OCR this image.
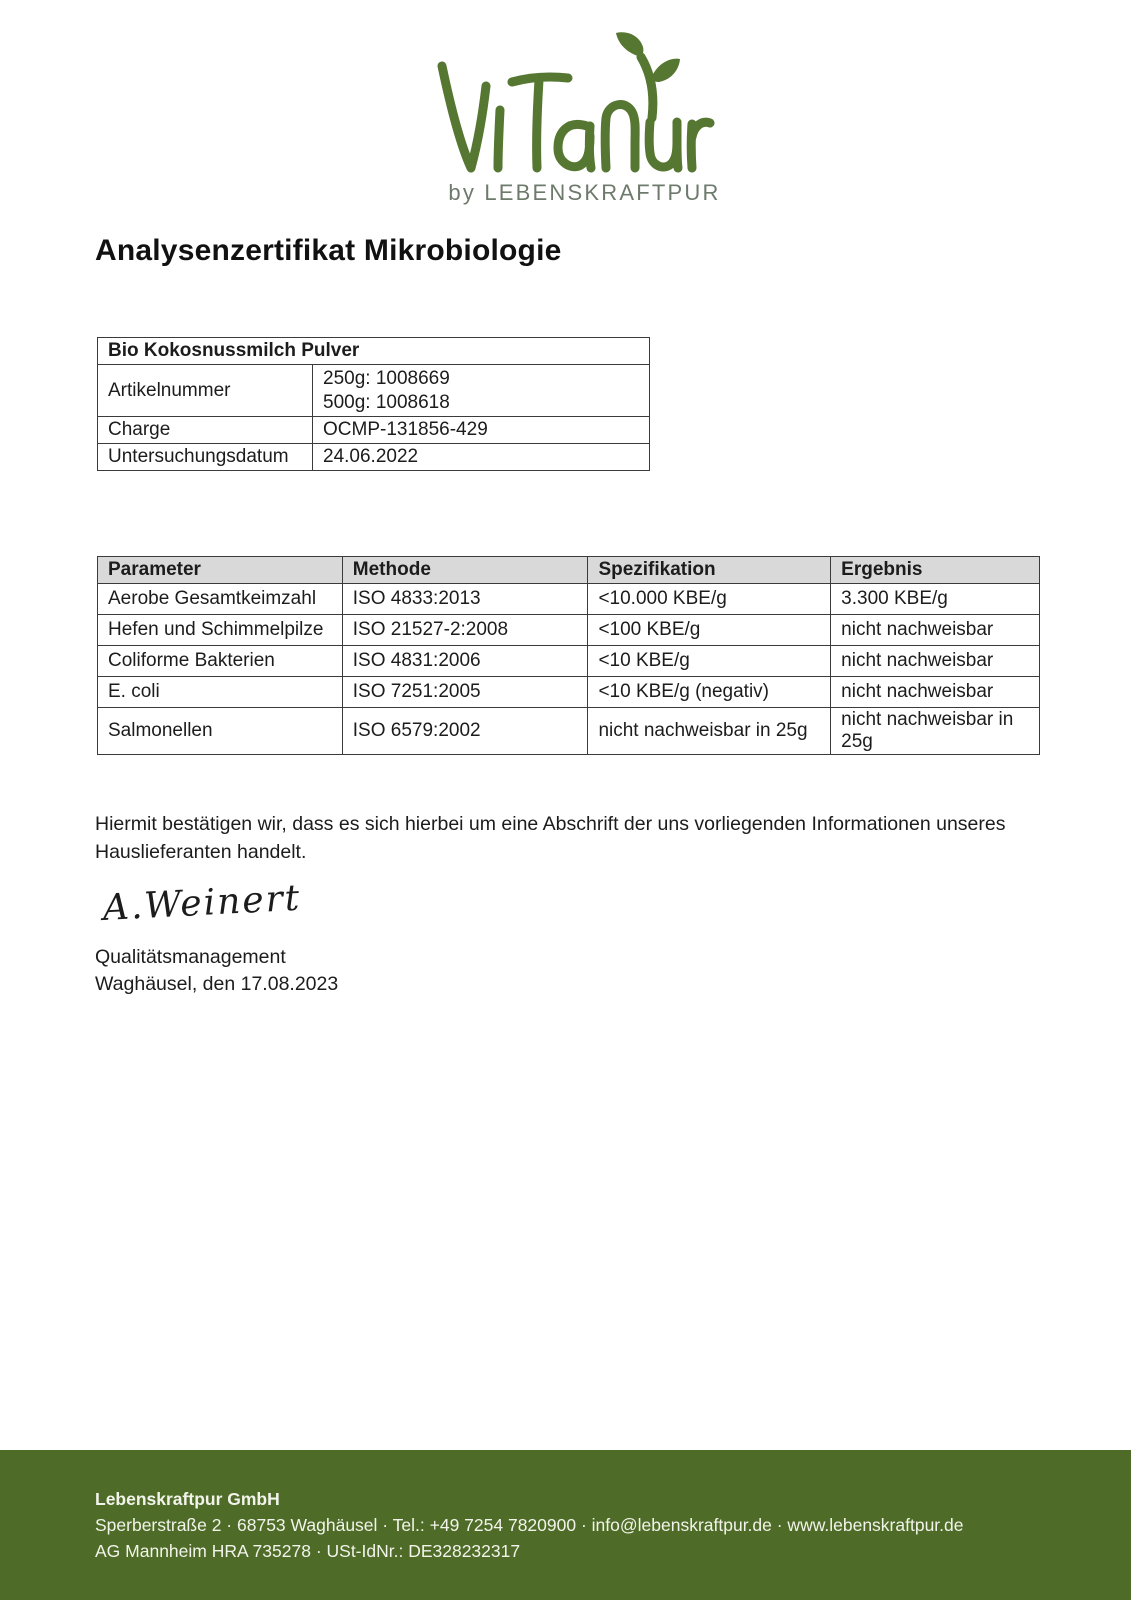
by LEBENSKRAFTPUR
Analysenzertifikat Mikrobiologie
Bio Kokosnussmilch Pulver	
Artikelnummer	250g: 1008669
500g: 1008618

Charge	OCMP-131856-429
Untersuchungsdatum	24.06.2022
Parameter	Methode	Spezifikation	Ergebnis
Aerobe Gesamtkeimzahl	ISO 4833:2013	<10.000 KBE/g	3.300 KBE/g
Hefen und Schimmelpilze	ISO 21527-2:2008	<100 KBE/g	nicht nachweisbar
Coliforme Bakterien	ISO 4831:2006	<10 KBE/g	nicht nachweisbar
E. coli	ISO 7251:2005	<10 KBE/g (negativ)	nicht nachweisbar
Salmonellen	ISO 6579:2002	nicht nachweisbar in 25g	nicht nachweisbar in 25g
Hiermit bestätigen wir, dass es sich hierbei um eine Abschrift der uns vorliegenden Informationen unseres
Hauslieferanten handelt.
A.Weinert
Qualitätsmanagement
Waghäusel, den 17.08.2023
Lebenskraftpur GmbH
Sperberstraße 2 · 68753 Waghäusel · Tel.: +49 7254 7820900 · info@lebenskraftpur.de · www.lebenskraftpur.de
AG Mannheim HRA 735278 · USt-IdNr.: DE328232317
